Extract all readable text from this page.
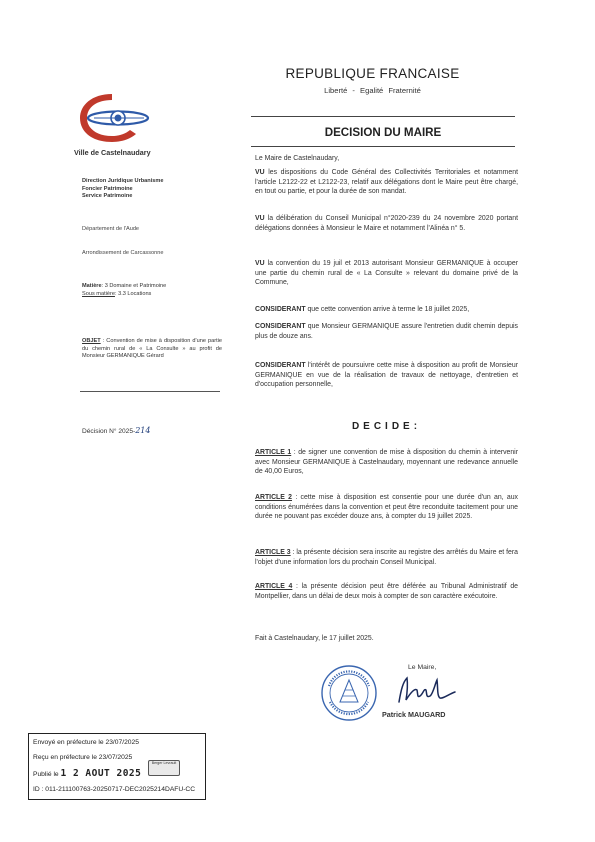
Ville de Castelnaudary
Direction Juridique Urbanisme
Foncier Patrimoine
Service Patrimoine
Département de l'Aude
Arrondissement de Carcassonne
Matière: 3 Domaine et Patrimoine
Sous matière: 3.3 Locations
OBJET : Convention de mise à disposition d'une partie du chemin rural de « La Consulte » au profit de Monsieur GERMANIQUE Gérard
Décision N° 2025-214
REPUBLIQUE FRANCAISE
Liberté - Egalité Fraternité
DECISION DU MAIRE
Le Maire de Castelnaudary,
VU les dispositions du Code Général des Collectivités Territoriales et notamment l'article L2122-22 et L2122-23, relatif aux délégations dont le Maire peut être chargé, en tout ou partie, et pour la durée de son mandat.
VU la délibération du Conseil Municipal n°2020-239 du 24 novembre 2020 portant délégations données à Monsieur le Maire et notamment l'Alinéa n° 5.
VU la convention du 19 juil et 2013 autorisant Monsieur GERMANIQUE à occuper une partie du chemin rural de « La Consulte » relevant du domaine privé de la Commune,
CONSIDERANT que cette convention arrive à terme le 18 juillet 2025,
CONSIDERANT que Monsieur GERMANIQUE assure l'entretien dudit chemin depuis plus de douze ans.
CONSIDERANT l'intérêt de poursuivre cette mise à disposition au profit de Monsieur GERMANIQUE en vue de la réalisation de travaux de nettoyage, d'entretien et d'occupation personnelle,
DECIDE:
ARTICLE 1 : de signer une convention de mise à disposition du chemin à intervenir avec Monsieur GERMANIQUE à Castelnaudary, moyennant une redevance annuelle de 40,00 Euros,
ARTICLE 2 : cette mise à disposition est consentie pour une durée d'un an, aux conditions énumérées dans la convention et peut être reconduite tacitement pour une durée ne pouvant pas excéder douze ans, à compter du 19 juillet 2025.
ARTICLE 3 : la présente décision sera inscrite au registre des arrêtés du Maire et fera l'objet d'une information lors du prochain Conseil Municipal.
ARTICLE 4 : la présente décision peut être déférée au Tribunal Administratif de Montpellier, dans un délai de deux mois à compter de son caractère exécutoire.
Fait à Castelnaudary, le 17 juillet 2025.
Le Maire,
Patrick MAUGARD
Envoyé en préfecture le 23/07/2025
Reçu en préfecture le 23/07/2025
Publié le 1 2 AOUT 2025
ID : 011-211100763-20250717-DEC2025214DAFU-CC
Berger Levrault
